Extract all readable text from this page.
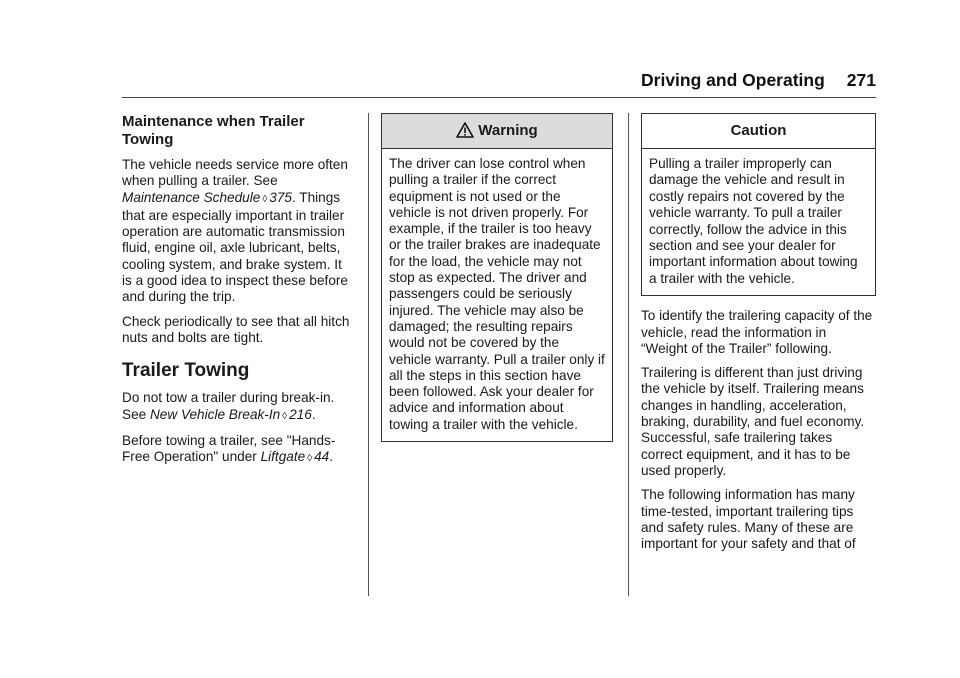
Driving and Operating 271
Maintenance when Trailer Towing

The vehicle needs service more often when pulling a trailer. See Maintenance Schedule ◊ 375. Things that are especially important in trailer operation are automatic transmission fluid, engine oil, axle lubricant, belts, cooling system, and brake system. It is a good idea to inspect these before and during the trip.

Check periodically to see that all hitch nuts and bolts are tight.

Trailer Towing

Do not tow a trailer during break-in. See New Vehicle Break-In ◊ 216.

Before towing a trailer, see "Hands-Free Operation" under Liftgate ◊ 44.

Warning
The driver can lose control when pulling a trailer if the correct equipment is not used or the vehicle is not driven properly. For example, if the trailer is too heavy or the trailer brakes are inadequate for the load, the vehicle may not stop as expected. The driver and passengers could be seriously injured. The vehicle may also be damaged; the resulting repairs would not be covered by the vehicle warranty. Pull a trailer only if all the steps in this section have been followed. Ask your dealer for advice and information about towing a trailer with the vehicle.
Caution
Pulling a trailer improperly can damage the vehicle and result in costly repairs not covered by the vehicle warranty. To pull a trailer correctly, follow the advice in this section and see your dealer for important information about towing a trailer with the vehicle.

To identify the trailering capacity of the vehicle, read the information in “Weight of the Trailer” following.

Trailering is different than just driving the vehicle by itself. Trailering means changes in handling, acceleration, braking, durability, and fuel economy. Successful, safe trailering takes correct equipment, and it has to be used properly.

The following information has many time-tested, important trailering tips and safety rules. Many of these are important for your safety and that of
